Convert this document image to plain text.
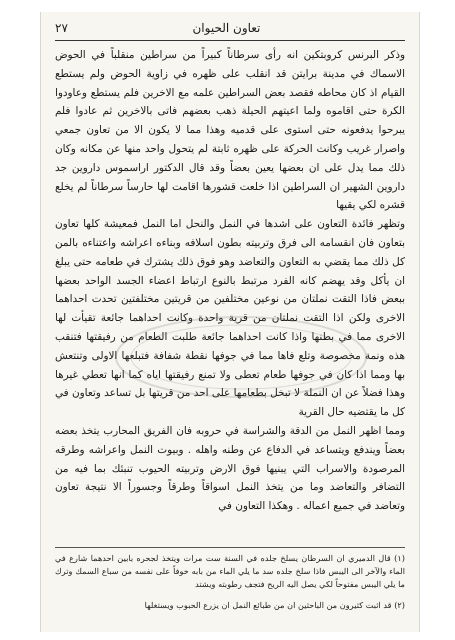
٢٧	تعاون الحيوان

وذكر البرنس كروبتكين انه رأى سرطاناً كبيراً من سراطين منقلباً في الحوض الاسماك في مدينة برايتن قد انقلب على ظهره في زاوية الحوض ولم يستطع القيام اذ كان محاطه فقصد بعض السراطين علمه مع الاخرين فلم يستطع وعاودوا الكرة حتى اقاموه ولما اعيتهم الحيلة ذهب بعضهم فاتى بالاخرين ثم عادوا فلم يبرحوا يدفعونه حتى استوى على قدميه وهذا مما لا يكون الا من تعاون جمعي واصرار غريب وكانت الحركة على ظهره ثابتة لم يتحول واحد منها عن مكانه وكان ذلك مما يدل على ان بعضها يعين بعضاً وقد قال الدكتور اراسموس داروين جد داروين الشهير ان السراطين اذا خلعت قشورها اقامت لها حارساً سرطاناً لم يخلع قشره لكي يقيها

وتظهر فائدة التعاون على اشدها في النمل والنحل اما النمل فمعيشة كلها تعاون بتعاون فان انقسامه الى فرق وتربيته بطون اسلافه وبناءه اعراشه واعتناءه بالمن كل ذلك مما يقضي به التعاون والتعاضد وهو فوق ذلك يشترك في طعامه حتى يبلغ ان يأكل وقد يهضم كانه الفرد مرتبط بالنوع ارتباط اعضاء الجسد الواحد بعضها ببعض فاذا التقت نملتان من نوعين مختلفين من قريتين مختلفتين تحدت احداهما الاخرى ولكن اذا التقت نملتان من قرية واحدة وكانت احداهما جائعة تقيأت لها الاخرى مما في بطنها واذا كانت احداهما جائعة طلبت الطعام من رفيقتها فتنقب هذه ونمة مخصوصة وتلع فاها مما في جوفها نقطة شفافة فتبلعها الاولى وتنتعش بها ومما اذا كان في جوفها طعام تعطى ولا تمنع رفيقتها اياه كما انها تعطي غيرها وهذا فضلاً عن ان النملة لا تبخل بطعامها على احد من قريتها بل تساعد وتعاون في كل ما يقتضيه حال القرية

ومما اظهر النمل من الدقة والشراسة في حروبه فان الفريق المحارب يتخذ بعضه بعضاً ويندفع ويتساعد في الدفاع عن وطنه واهله . وبيوت النمل واعراشه وطرقه المرصودة والاسراب التي يبنيها فوق الارض وتربيته الحيوب تنبئك بما فيه من التضافر والتعاضد وما من يتخذ النمل اسواقاً وطرقاً وجسوراً الا نتيجة تعاون وتعاضد في جميع اعماله . وهكذا التعاون في

(١) قال الدميري ان السرطان يسلخ جلده في السنة ست مرات ويتخذ لجحره بابين احدهما شارع في الماء والآخر الى اليبس فاذا سلخ جلده سد ما يلي الماء من بابه خوفاً على نفسه من سباع السمك وترك ما يلي اليبس مفتوحاً لكي يصل اليه الريح فتجف رطوبته ويشتد

(٢) قد اثبت كثيرون من الباحثين ان من طبائع النمل ان يزرع الحبوب ويستغلها
